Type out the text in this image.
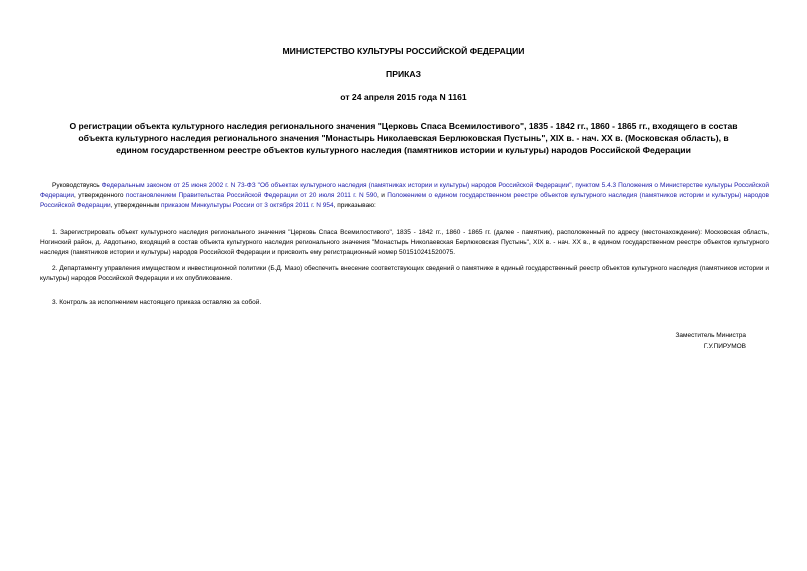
МИНИСТЕРСТВО КУЛЬТУРЫ РОССИЙСКОЙ ФЕДЕРАЦИИ
ПРИКАЗ
от 24 апреля 2015 года N 1161
О регистрации объекта культурного наследия регионального значения "Церковь Спаса Всемилостивого", 1835 - 1842 гг., 1860 - 1865 гг., входящего в состав объекта культурного наследия регионального значения "Монастырь Николаевская Берлюковская Пустынь", XIX в. - нач. XX в. (Московская область), в едином государственном реестре объектов культурного наследия (памятников истории и культуры) народов Российской Федерации

Руководствуясь Федеральным законом от 25 июня 2002 г. N 73-ФЗ "Об объектах культурного наследия (памятниках истории и культуры) народов Российской Федерации", пунктом 5.4.3 Положения о Министерстве культуры Российской Федерации, утвержденного постановлением Правительства Российской Федерации от 20 июля 2011 г. N 590, и Положением о едином государственном реестре объектов культурного наследия (памятников истории и культуры) народов Российской Федерации, утвержденным приказом Минкультуры России от 3 октября 2011 г. N 954, приказываю:

1. Зарегистрировать объект культурного наследия регионального значения "Церковь Спаса Всемилостивого", 1835 - 1842 гг., 1860 - 1865 гг. (далее - памятник), расположенный по адресу (местонахождение): Московская область, Ногинский район, д. Авдотьино, входящий в состав объекта культурного наследия регионального значения "Монастырь Николаевская Берлюковская Пустынь", XIX в. - нач. XX в., в едином государственном реестре объектов культурного наследия (памятников истории и культуры) народов Российской Федерации и присвоить ему регистрационный номер 501510241520075.

2. Департаменту управления имуществом и инвестиционной политики (Б.Д. Мазо) обеспечить внесение соответствующих сведений о памятнике в единый государственный реестр объектов культурного наследия (памятников истории и культуры) народов Российской Федерации и их опубликование.

3. Контроль за исполнением настоящего приказа оставляю за собой.

Заместитель Министра
Г.У.ПИРУМОВ
